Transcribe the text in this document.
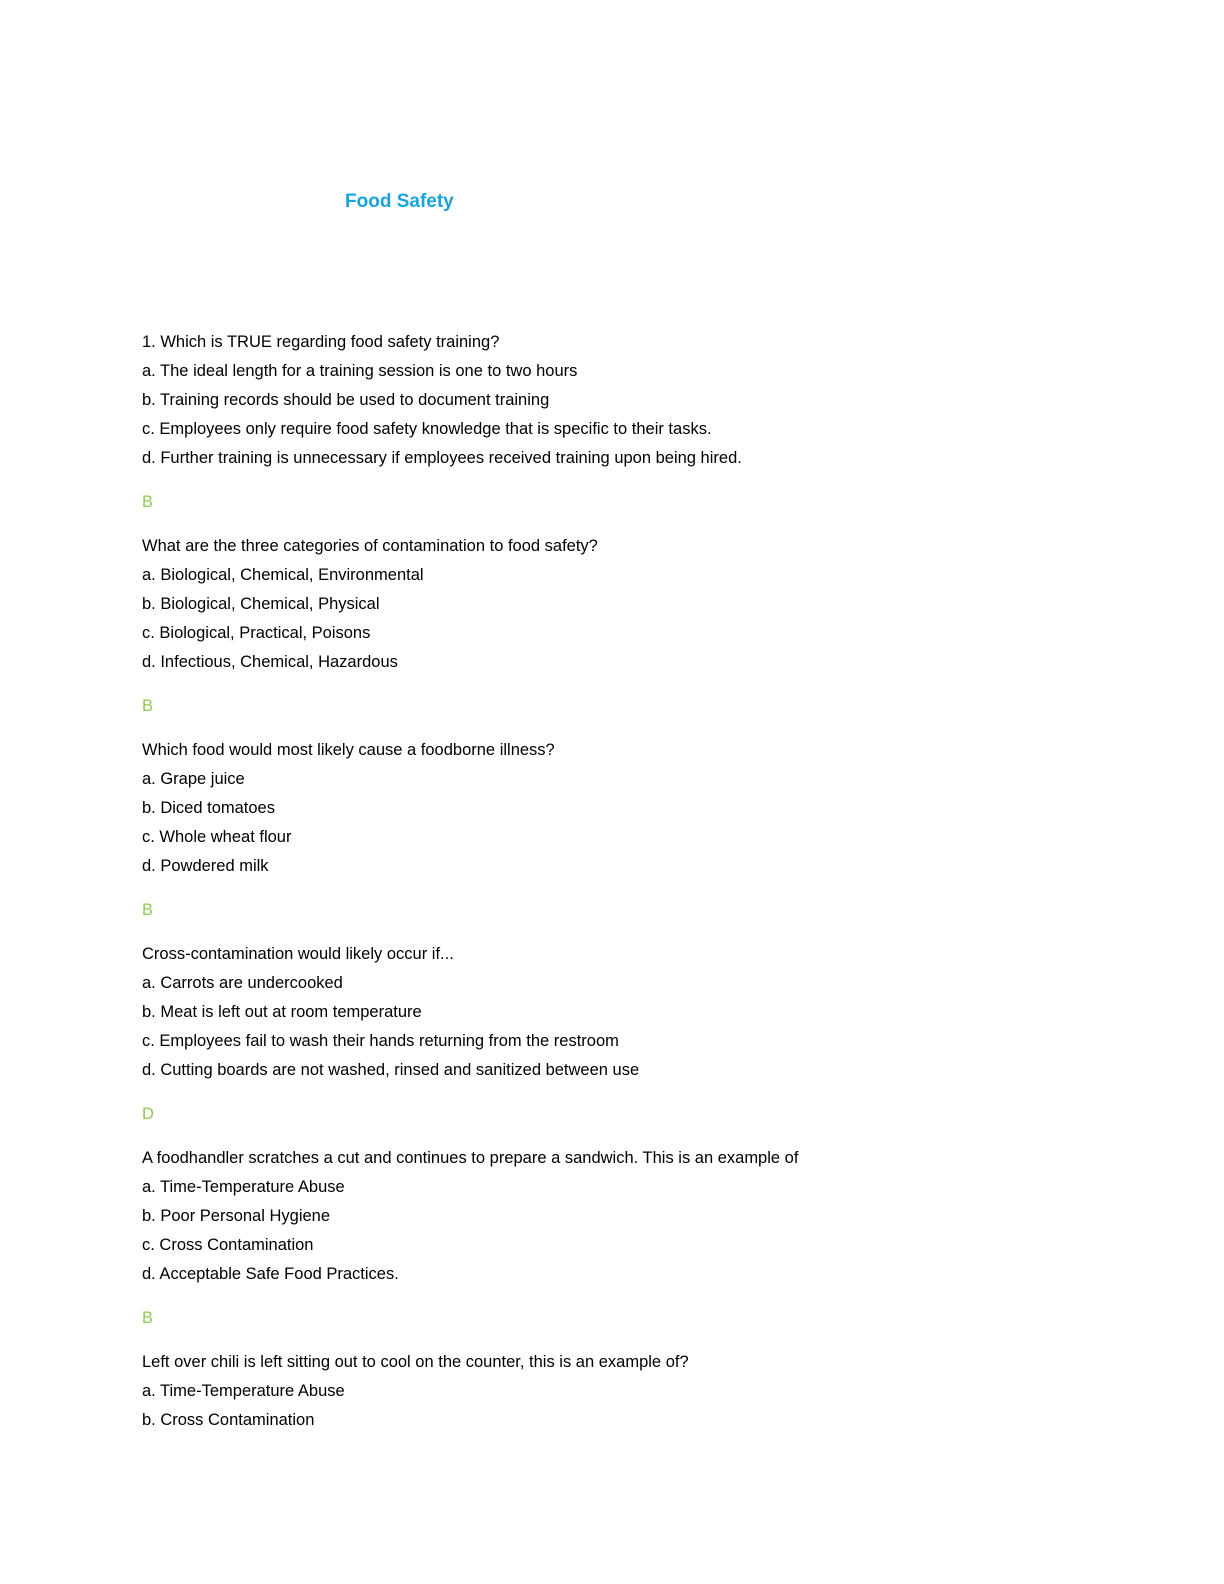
Food Safety
1. Which is TRUE regarding food safety training?
a. The ideal length for a training session is one to two hours
b. Training records should be used to document training
c. Employees only require food safety knowledge that is specific to their tasks.
d. Further training is unnecessary if employees received training upon being hired.
B
What are the three categories of contamination to food safety?
a. Biological, Chemical, Environmental
b. Biological, Chemical, Physical
c. Biological, Practical, Poisons
d. Infectious, Chemical, Hazardous
B
Which food would most likely cause a foodborne illness?
a. Grape juice
b. Diced tomatoes
c. Whole wheat flour
d. Powdered milk
B
Cross-contamination would likely occur if...
a. Carrots are undercooked
b. Meat is left out at room temperature
c. Employees fail to wash their hands returning from the restroom
d. Cutting boards are not washed, rinsed and sanitized between use
D
A foodhandler scratches a cut and continues to prepare a sandwich. This is an example of
a. Time-Temperature Abuse
b. Poor Personal Hygiene
c. Cross Contamination
d. Acceptable Safe Food Practices.
B
Left over chili is left sitting out to cool on the counter, this is an example of?
a. Time-Temperature Abuse
b. Cross Contamination
